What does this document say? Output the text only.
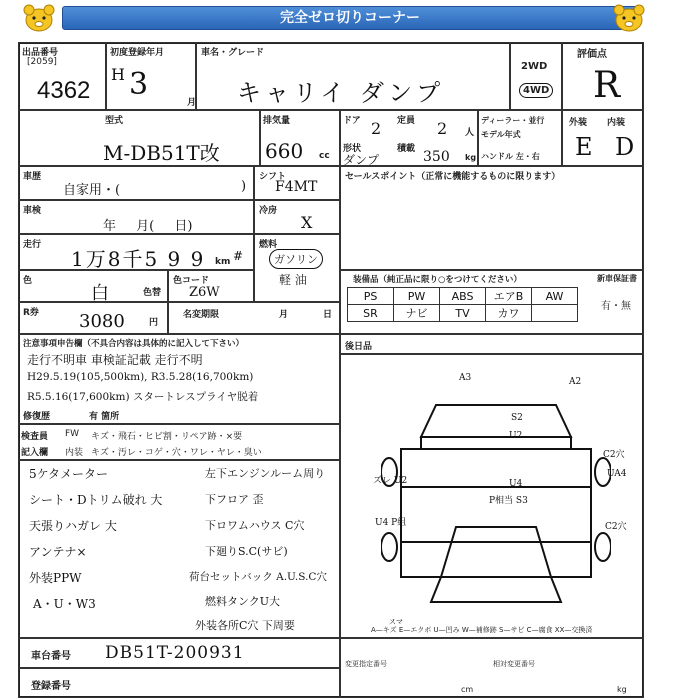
完全ゼロ切りコーナー
出品番号
[2059]
4362
初度登録年月
H 3
月
車名・グレード
キャリイ ダンプ
2WD
4WD
評価点
R
型式
M-DB51T改
排気量
660 cc
ドア 2 定員 2 人
形状
ダンプ
積載 350 kg
ディーラー・並行
モデル年式
ハンドル 左・右
外装 内装
E D
車歴
自家用・(	)
シフト
F4MT
車検
年 月( 日)
冷房
X
走行
1万8千5 9 9 km #
燃料
ガソリン
軽 油
色
白	色替
色コード
Z6W
R券 3080	円
名変期限	月	日
セールスポイント（正常に機能するものに限ります）
装備品（純正品に限り○をつけてください）	新車保証書
有・無
PS	PW	ABS	エアB	AW
SR	ナビ	TV	カワ	
後日品
注意事項申告欄（不具合内容は具体的に記入して下さい）
走行不明車 車検証記載 走行不明
H29.5.19(105,500km), R3.5.28(16,700km)
R5.5.16(17,600km) スタートレスプライヤ脱着
修復歴	有 箇所
検査員 FW キズ・飛石・ヒビ割・リペア跡・×要
記入欄 内装 キズ・汚レ・コゲ・穴・ワレ・ヤレ・臭い
5ケタメーター
シート・Dトリム破れ 大
天張りハガレ 大
アンテナ×
外装PPW
A・U・W3
左下エンジンルーム周り
下フロア 歪
下ロワムハウス C穴
下廻りS.C(サビ)
荷台セットバック A.U.S.C穴
燃料タンクU大
外装各所C穴 下周要
A3	A2
S2
U2
C2穴
UA4
ズレ U2	U4
P相当 S3
U4 P組	C2穴
スマ
A—キズ E—エクボ U—凹み W—補修跡 S—サビ C—腐食 XX—交換済
車台番号 DB51T-200931
登録番号
変更指定番号	相対変更番号
cm	kg
